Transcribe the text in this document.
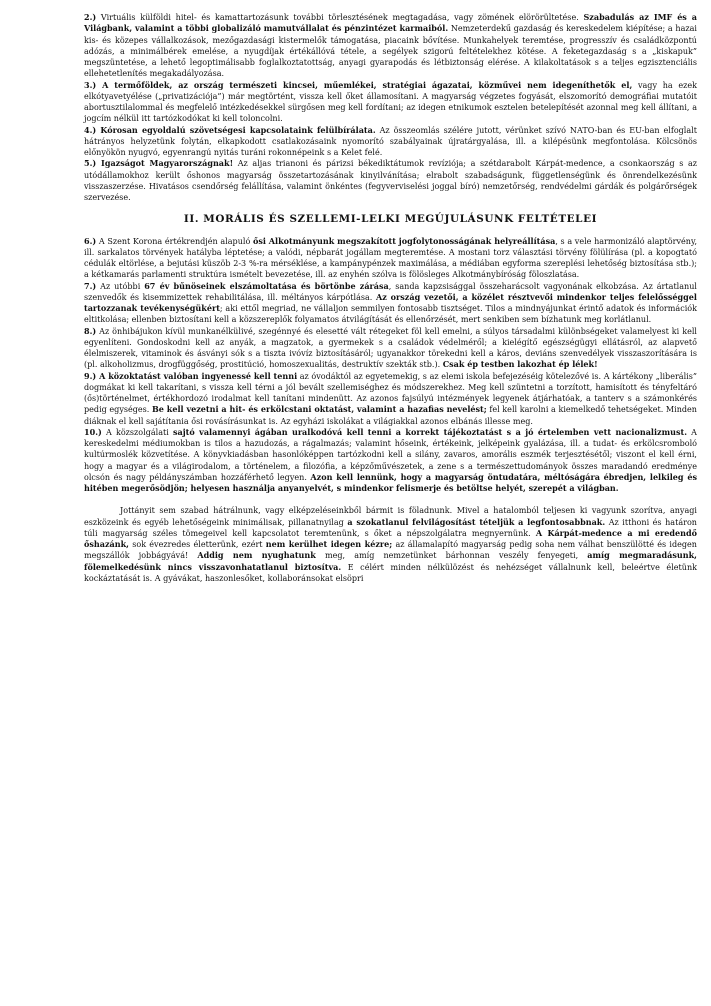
2.) Virtuális külföldi hitel- és kamattartozásunk további törlesztésének megtagadása, vagy zömének elörörültetése. Szabadulás az IMF és a Világbank, valamint a többi globalizáló mamutvállalat és pénzintézet karmaiból. Nemzeterdekű gazdaság és kereskedelem kiépítése; a hazai kis- és közepes vállalkozások, mezőgazdasági kistermelők támogatása, piacaink bővítése. Munkahelyek teremtése, progresszív és családközpontú adózás, a minimálbérek emelése, a nyugdíjak értékállóvá tétele, a segélyek szigorú feltételekhez kötése. A feketegazdaság s a „kiskapuk” megszüntetése, a lehető legoptimálisabb foglalkoztatottság, anyagi gyarapodás és létbiztonság elérése. A kilakoltatások s a teljes egzisztenciális ellehetetlenítés megakadályozása.

3.) A termőföldek, az ország természeti kincsei, műemlékei, stratégiai ágazatai, közművei nem idegeníthetők el, vagy ha ezek elkótyavetyélése („privatizációja”) már megtörtént, vissza kell őket államosítani. A magyarság végzetes fogyását, elszomorító demográfiai mutatóit abortusztilalommal és megfelelő intézkedésekkel sürgősen meg kell fordítani; az idegen etnikumok esztelen betelepítését azonnal meg kell állítani, a jogcím nélkül itt tartózkodókat ki kell toloncolni.

4.) Kórosan egyoldalú szövetségesi kapcsolataink felülbírálata. Az összeomlás szélére jutott, vérünket szívó NATO-ban és EU-ban elfoglalt hátrányos helyzetünk folytán, elkapkodott csatlakozásaink nyomorító szabályainak újratárgyalása, ill. a kilépésünk megfontolása. Kölcsönös előnyökön nyugvó, egyenrangú nyitás turáni rokonnépeink s a Kelet felé.

5.) Igazságot Magyarországnak! Az aljas trianoni és párizsi békediktátumok revíziója; a szétdarabolt Kárpát-medence, a csonkaország s az utódállamokhoz került őshonos magyarság összetartozásának kinyilvánítása; elrabolt szabadságunk, függetlenségünk és önrendelkezésünk visszaszerzése. Hivatásos csendőrség felállítása, valamint önkéntes (fegyverviselési joggal bíró) nemzetőrség, rendvédelmi gárdák és polgárőrségek szervezése.

II. MORÁLIS ÉS SZELLEMI-LELKI MEGÚJULÁSUNK FELTÉTELEI

6.) A Szent Korona értékrendjén alapuló ősi Alkotmányunk megszakított jogfolytonosságának helyreállítása, s a vele harmonizáló alaptörvény, ill. sarkalatos törvények hatályba léptetése; a valódi, népbarát jogállam megteremtése. A mostani torz választási törvény fölülírása (pl. a kopogtató cédulák eltörlése, a bejutási küszöb 2-3 %-ra mérséklése, a kampánypénzek maximálása, a médiában egyforma szereplési lehetőség biztosítása stb.); a kétkamarás parlamenti struktúra ismételt bevezetése, ill. az enyhén szólva is fölösleges Alkotmánybíróság föloszlatása.

7.) Az utóbbi 67 év bűnöseinek elszámoltatása és börtönbe zárása, sanda kapzsisággal összeharácsolt vagyonának elkobzása. Az ártatlanul szenvedők és kisemmizettek rehabilitálása, ill. méltányos kárpótlása. Az ország vezetői, a közélet résztvevői mindenkor teljes felelősséggel tartozzanak tevékenységükért; aki ettől megriad, ne vállaljon semmilyen fontosabb tisztséget. Tilos a mindnyájunkat érintő adatok és információk eltitkolása; ellenben biztosítani kell a közszereplők folyamatos átvilágítását és ellenőrzését, mert senkiben sem bízhatunk meg korlátlanul.

8.) Az önhibájukon kívül munkanélkülivé, szegénnyé és elesetté vált rétegeket föl kell emelni, a súlyos társadalmi különbségeket valamelyest ki kell egyenlíteni. Gondoskodni kell az anyák, a magzatok, a gyermekek s a családok védelméről; a kielégítő egészségügyi ellátásról, az alapvető élelmiszerek, vitaminok és ásványi sók s a tiszta ivóvíz biztosításáról; ugyanakkor törekedni kell a káros, deviáns szenvedélyek visszaszorítására is (pl. alkoholizmus, drogfüggőség, prostitúció, homoszexualitás, destruktív szekták stb.). Csak ép testben lakozhat ép lélek!

9.) A közoktatást valóban ingyenessé kell tenni az óvodáktól az egyetemekig, s az elemi iskola befejezéséig kötelezővé is. A kártékony „liberális” dogmákat ki kell takarítani, s vissza kell térni a jól bevált szellemiséghez és módszerekhez. Meg kell szüntetni a torzított, hamisított és tényfeltáró (ős)történelmet, értékhordozó irodalmat kell tanítani mindenütt. Az azonos fajsúlyú intézmények legyenek átjárhatóak, a tanterv s a számonkérés pedig egységes. Be kell vezetni a hit- és erkölcstani oktatást, valamint a hazafias nevelést; fel kell karolni a kiemelkedő tehetségeket. Minden diáknak el kell sajátítania ősi rovásírásunkat is. Az egyházi iskolákat a világiakkal azonos elbánás illesse meg.

10.) A közszolgálati sajtó valamennyi ágában uralkodóvá kell tenni a korrekt tájékoztatást s a jó értelemben vett nacionalizmust. A kereskedelmi médiumokban is tilos a hazudozás, a rágalmazás; valamint hőseink, értékeink, jelképeink gyalázása, ill. a tudat- és erkölcsromboló kultúrmoslék közvetítése. A könyvkiadásban hasonlóképpen tartózkodni kell a silány, zavaros, amorális eszmék terjesztésétől; viszont el kell érni, hogy a magyar és a világirodalom, a történelem, a filozófia, a képzőművészetek, a zene s a természettudományok összes maradandó eredménye olcsón és nagy példányszámban hozzáférhető legyen. Azon kell lennünk, hogy a magyarság öntudatára, méltóságára ébredjen, lelkileg és hitében megerősödjön; helyesen használja anyanyelvét, s mindenkor felismerje és betöltse helyét, szerepét a világban.

Jottányit sem szabad hátrálnunk, vagy elképzeléseinkből bármit is föladnunk. Mivel a hatalomból teljesen ki vagyunk szorítva, anyagi eszközeink és egyéb lehetőségeink minimálisak, pillanatnyilag a szokatlanul felvilágosítást tételjük a legfontosabbnak. Az itthoni és határon túli magyarság széles tömegeivel kell kapcsolatot teremtenünk, s őket a népszolgálatra megnyernünk. A Kárpát-medence a mi eredendő őshazánk, sok évezredes életterünk, ezért nem kerülhet idegen kézre; az államalapító magyarság pedig soha nem válhat benszülötté és idegen megszállók jobbágyává! Addig nem nyughatunk meg, amíg nemzetünket bárhonnan veszély fenyegeti, amíg megmaradásunk, fölemelkedésünk nincs visszavonhatatlanul biztosítva. E célért minden nélkülözést és nehézséget vállalnunk kell, beleértve életünk kockáztatását is. A gyávákat, haszonlesőket, kollaboránsokat elsöpri
